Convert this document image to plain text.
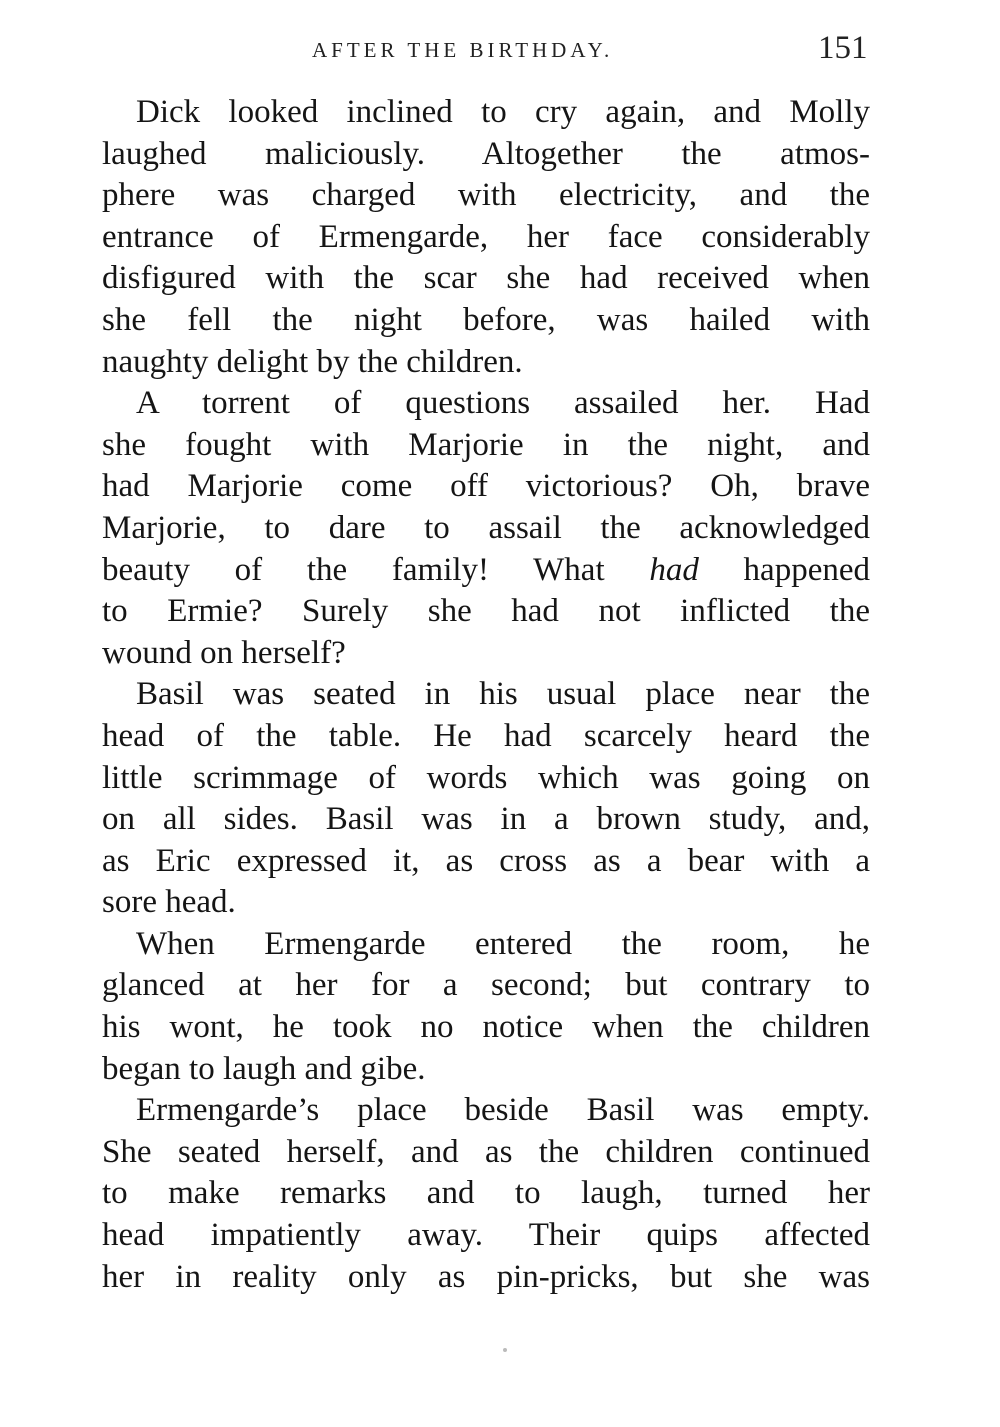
AFTER THE BIRTHDAY.	151
Dick looked inclined to cry again, and Molly
laughed maliciously. Altogether the atmos-
phere was charged with electricity, and the
entrance of Ermengarde, her face considerably
disfigured with the scar she had received when
she fell the night before, was hailed with
naughty delight by the children.
A torrent of questions assailed her. Had
she fought with Marjorie in the night, and
had Marjorie come off victorious? Oh, brave
Marjorie, to dare to assail the acknowledged
beauty of the family! What had happened
to Ermie? Surely she had not inflicted the
wound on herself?
Basil was seated in his usual place near the
head of the table. He had scarcely heard the
little scrimmage of words which was going on
on all sides. Basil was in a brown study, and,
as Eric expressed it, as cross as a bear with a
sore head.
When Ermengarde entered the room, he
glanced at her for a second; but contrary to
his wont, he took no notice when the children
began to laugh and gibe.
Ermengarde’s place beside Basil was empty.
She seated herself, and as the children continued
to make remarks and to laugh, turned her
head impatiently away. Their quips affected
her in reality only as pin-pricks, but she was
